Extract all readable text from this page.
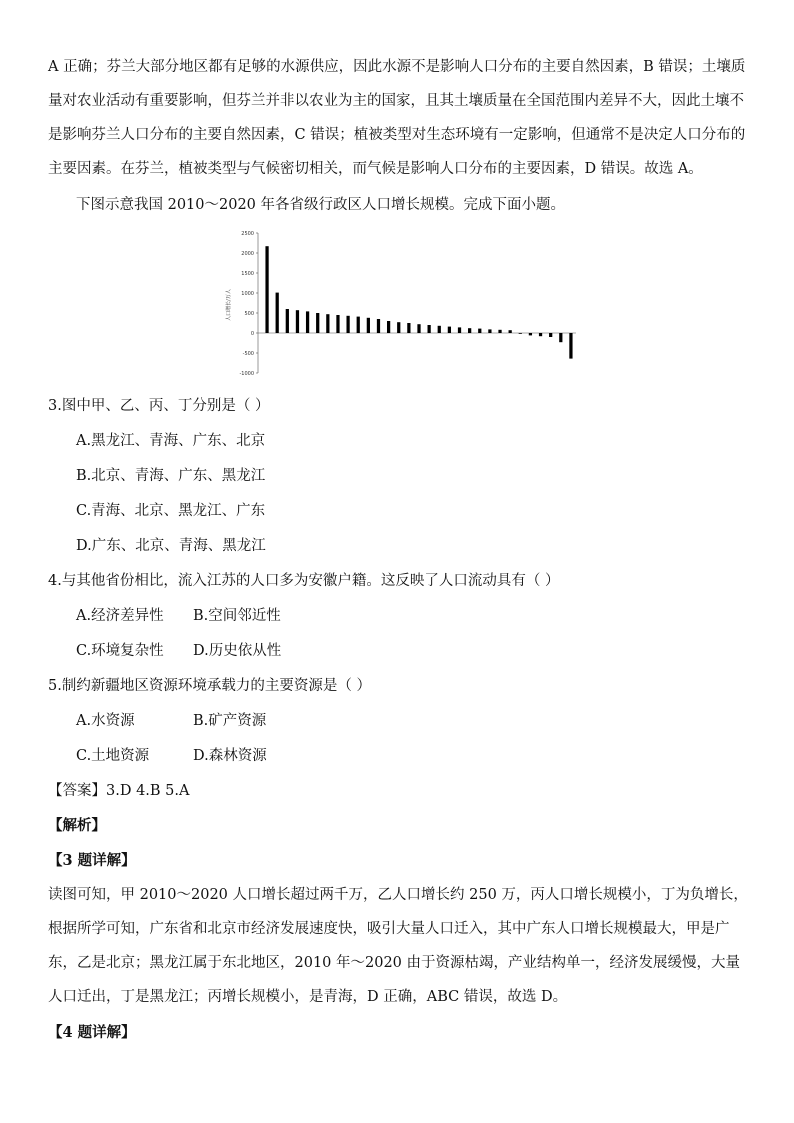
A 正确；芬兰大部分地区都有足够的水源供应，因此水源不是影响人口分布的主要自然因素，B 错误；土壤质量对农业活动有重要影响，但芬兰并非以农业为主的国家，且其土壤质量在全国范围内差异不大，因此土壤不是影响芬兰人口分布的主要自然因素，C 错误；植被类型对生态环境有一定影响，但通常不是决定人口分布的主要因素。在芬兰，植被类型与气候密切相关，而气候是影响人口分布的主要因素，D 错误。故选 A。

下图示意我国 2010～2020 年各省级行政区人口增长规模。完成下面小题。

2500
2000
1500
1000
500
0
-500
-1000
人口增长/万人

3.图中甲、乙、丙、丁分别是（ ）

A.黑龙江、青海、广东、北京

B.北京、青海、广东、黑龙江

C.青海、北京、黑龙江、广东

D.广东、北京、青海、黑龙江

4.与其他省份相比，流入江苏的人口多为安徽户籍。这反映了人口流动具有（ ）

A.经济差异性 B.空间邻近性

C.环境复杂性 D.历史依从性

5.制约新疆地区资源环境承载力的主要资源是（ ）

A.水资源	B.矿产资源

C.土地资源	D.森林资源

【答案】3.D 4.B 5.A

【解析】

【3 题详解】

读图可知，甲 2010～2020 人口增长超过两千万，乙人口增长约 250 万，丙人口增长规模小，丁为负增长，根据所学可知，广东省和北京市经济发展速度快，吸引大量人口迁入，其中广东人口增长规模最大，甲是广东，乙是北京；黑龙江属于东北地区，2010 年～2020 由于资源枯竭，产业结构单一，经济发展缓慢，大量人口迁出，丁是黑龙江；丙增长规模小，是青海，D 正确，ABC 错误，故选 D。

【4 题详解】
